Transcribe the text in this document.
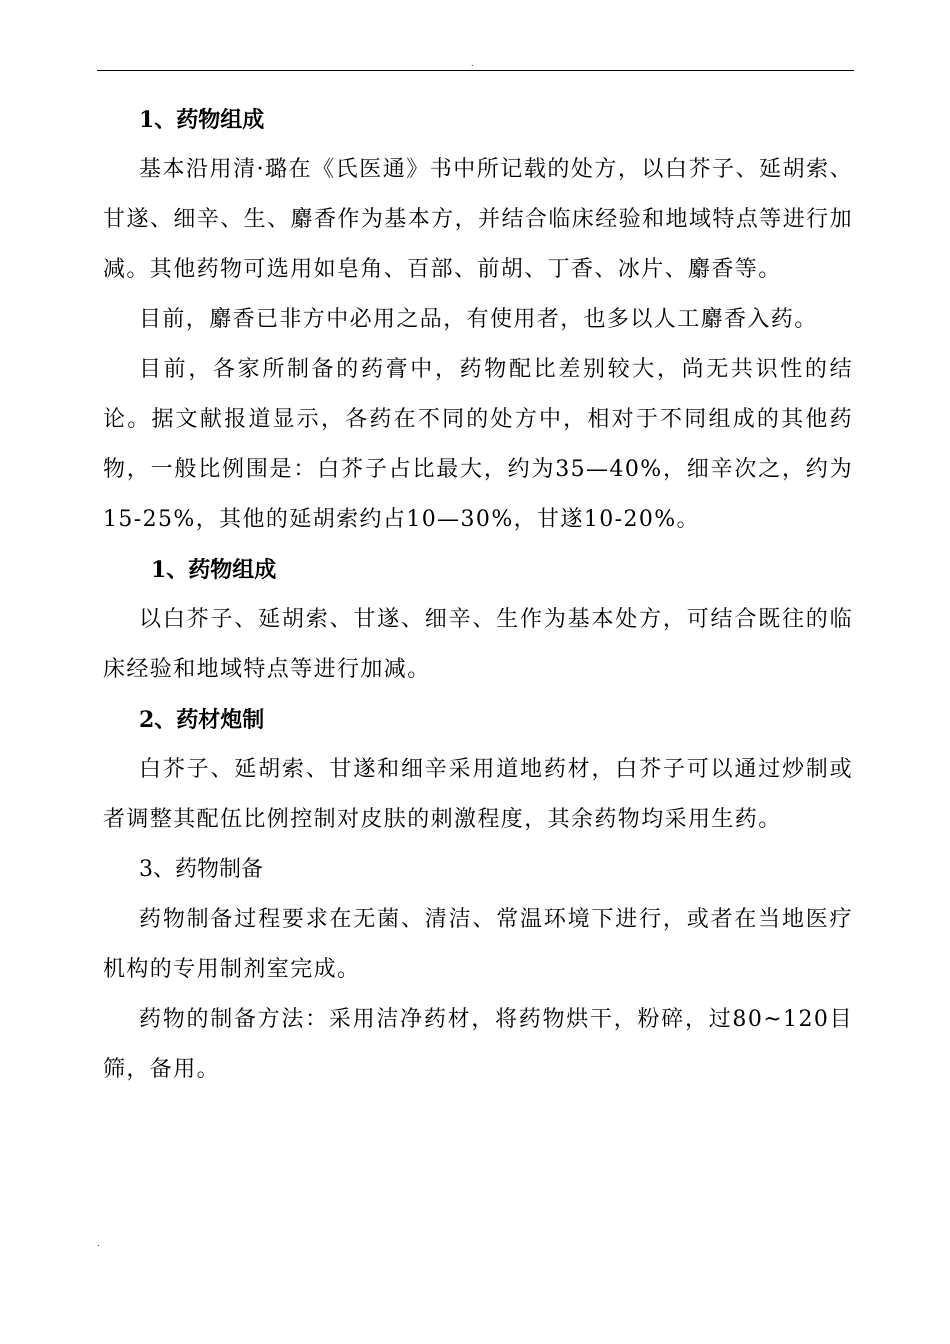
.
1、药物组成

基本沿用清·璐在《氏医通》书中所记载的处方，以白芥子、延胡索、甘遂、细辛、生、麝香作为基本方，并结合临床经验和地域特点等进行加减。其他药物可选用如皂角、百部、前胡、丁香、冰片、麝香等。

目前，麝香已非方中必用之品，有使用者，也多以人工麝香入药。

目前，各家所制备的药膏中，药物配比差别较大，尚无共识性的结论。据文献报道显示，各药在不同的处方中，相对于不同组成的其他药物，一般比例围是：白芥子占比最大，约为35—40%，细辛次之，约为15-25%，其他的延胡索约占10—30%，甘遂10-20%。

1、药物组成

以白芥子、延胡索、甘遂、细辛、生作为基本处方，可结合既往的临床经验和地域特点等进行加减。

2、药材炮制

白芥子、延胡索、甘遂和细辛采用道地药材，白芥子可以通过炒制或者调整其配伍比例控制对皮肤的刺激程度，其余药物均采用生药。

3、药物制备

药物制备过程要求在无菌、清洁、常温环境下进行，或者在当地医疗机构的专用制剂室完成。

药物的制备方法：采用洁净药材，将药物烘干，粉碎，过80~120目筛，备用。

.
